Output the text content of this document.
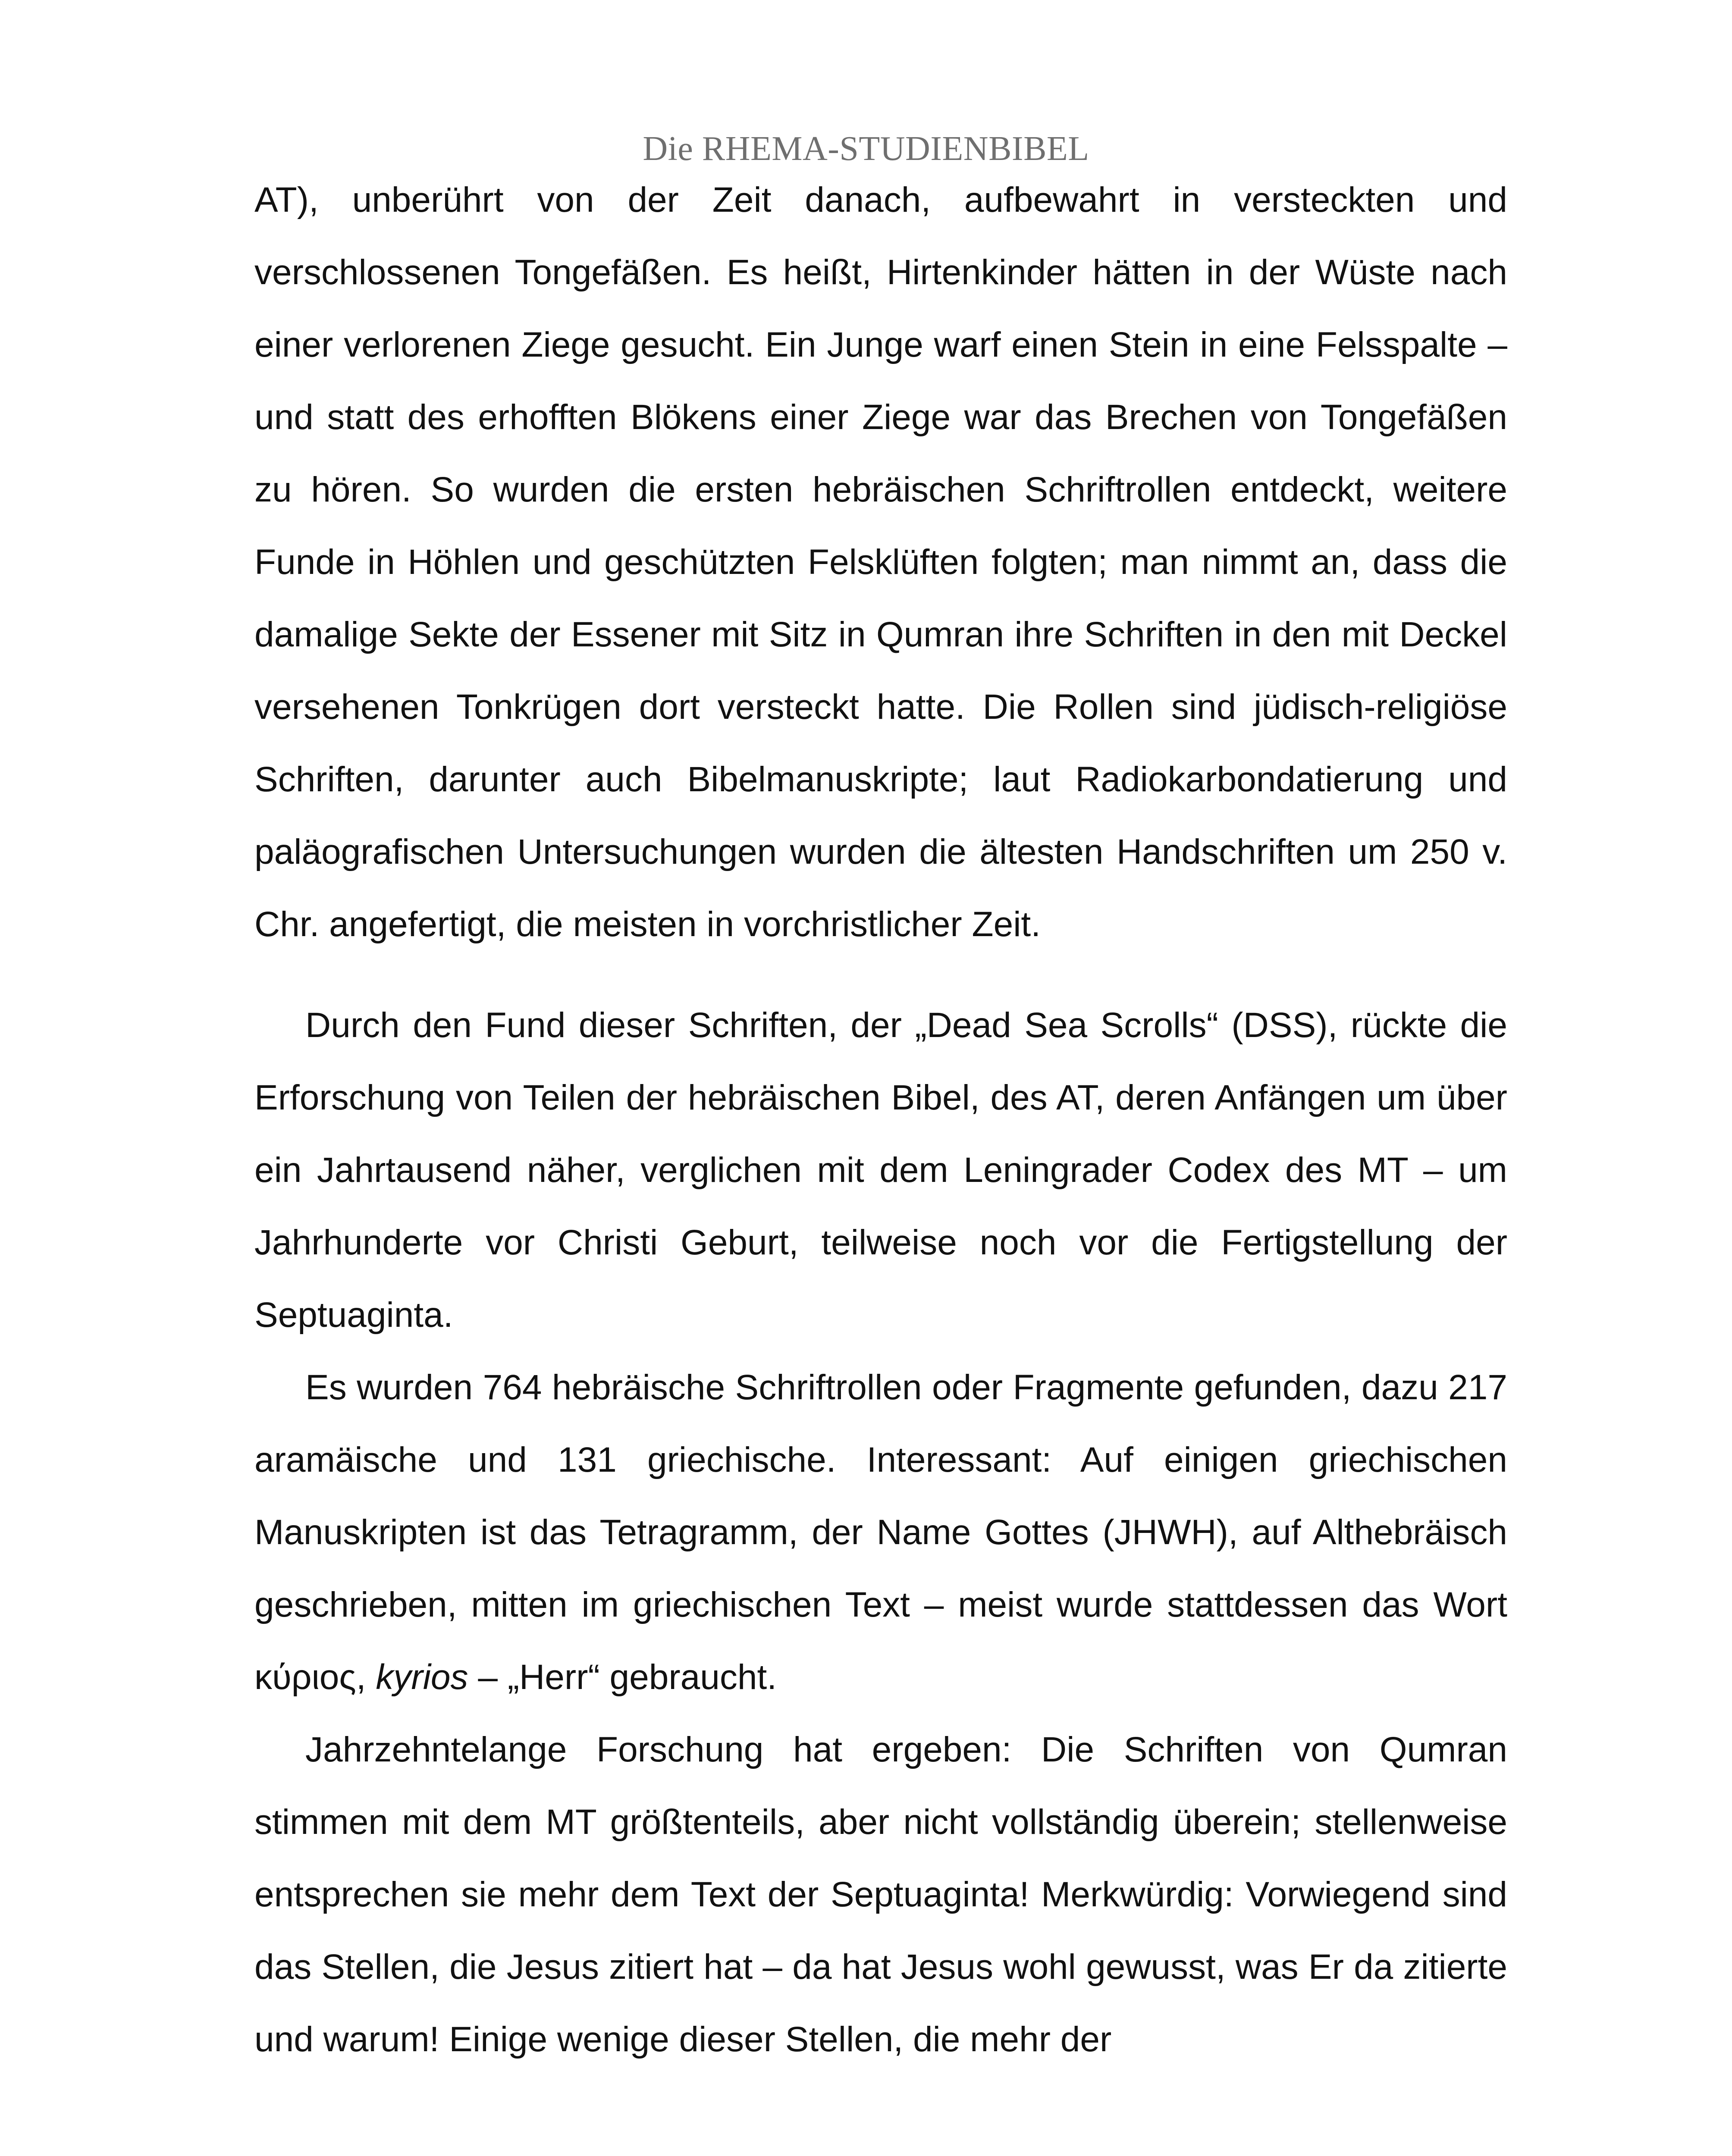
Die RHEMA-STUDIENBIBEL

AT), unberührt von der Zeit danach, aufbewahrt in versteckten und verschlossenen Tongefäßen. Es heißt, Hirtenkinder hätten in der Wüste nach einer verlorenen Ziege gesucht. Ein Junge warf einen Stein in eine Felsspalte – und statt des erhofften Blökens einer Ziege war das Brechen von Tongefäßen zu hören. So wurden die ersten hebräischen Schriftrollen entdeckt, weitere Funde in Höhlen und geschützten Felsklüften folgten; man nimmt an, dass die damalige Sekte der Essener mit Sitz in Qumran ihre Schriften in den mit Deckel versehenen Tonkrügen dort versteckt hatte. Die Rollen sind jüdisch-religiöse Schriften, darunter auch Bibelmanuskripte; laut Radiokarbondatierung und paläografischen Untersuchungen wurden die ältesten Handschriften um 250 v. Chr. angefertigt, die meisten in vorchristlicher Zeit.

Durch den Fund dieser Schriften, der „Dead Sea Scrolls“ (DSS), rückte die Erforschung von Teilen der hebräischen Bibel, des AT, deren Anfängen um über ein Jahrtausend näher, verglichen mit dem Leningrader Codex des MT – um Jahrhunderte vor Christi Geburt, teilweise noch vor die Fertigstellung der Septuaginta.

Es wurden 764 hebräische Schriftrollen oder Fragmente gefunden, dazu 217 aramäische und 131 griechische. Interessant: Auf einigen griechischen Manuskripten ist das Tetragramm, der Name Gottes (JHWH), auf Althebräisch geschrieben, mitten im griechischen Text – meist wurde stattdessen das Wort κύριος, kyrios – „Herr“ gebraucht.

Jahrzehntelange Forschung hat ergeben: Die Schriften von Qumran stimmen mit dem MT größtenteils, aber nicht vollständig überein; stellenweise entsprechen sie mehr dem Text der Septuaginta! Merkwürdig: Vorwiegend sind das Stellen, die Jesus zitiert hat – da hat Jesus wohl gewusst, was Er da zitierte und warum! Einige wenige dieser Stellen, die mehr der
